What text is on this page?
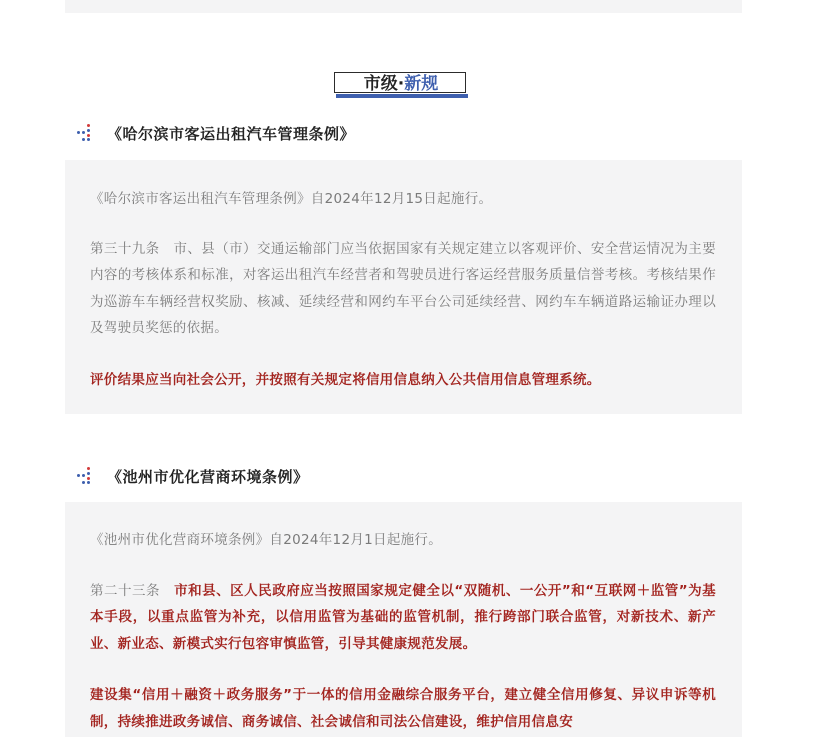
市级·新规
《哈尔滨市客运出租汽车管理条例》

《哈尔滨市客运出租汽车管理条例》自2024年12月15日起施行。

第三十九条　市、县（市）交通运输部门应当依据国家有关规定建立以客观评价、安全营运情况为主要内容的考核体系和标准，对客运出租汽车经营者和驾驶员进行客运经营服务质量信誉考核。考核结果作为巡游车车辆经营权奖励、核减、延续经营和网约车平台公司延续经营、网约车车辆道路运输证办理以及驾驶员奖惩的依据。

评价结果应当向社会公开，并按照有关规定将信用信息纳入公共信用信息管理系统。

《池州市优化营商环境条例》

《池州市优化营商环境条例》自2024年12月1日起施行。

第二十三条　市和县、区人民政府应当按照国家规定健全以“双随机、一公开”和“互联网＋监管”为基本手段，以重点监管为补充，以信用监管为基础的监管机制，推行跨部门联合监管，对新技术、新产业、新业态、新模式实行包容审慎监管，引导其健康规范发展。

建设集“信用＋融资＋政务服务”于一体的信用金融综合服务平台，建立健全信用修复、异议申诉等机制，持续推进政务诚信、商务诚信、社会诚信和司法公信建设，维护信用信息安
